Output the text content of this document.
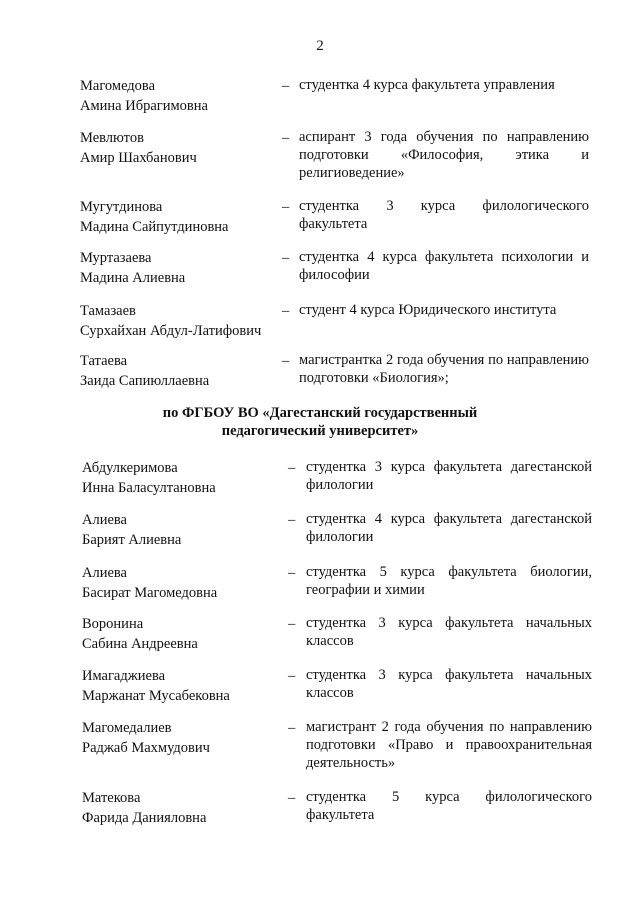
2
Магомедова
Амина Ибрагимовна
– студентка 4 курса факультета управления
Мевлютов
Амир Шахбанович
– аспирант 3 года обучения по направлению подготовки «Философия, этика и религиоведение»
Мугутдинова
Мадина Сайпутдиновна
– студентка 3 курса филологического факультета
Муртазаева
Мадина Алиевна
– студентка 4 курса факультета психологии и философии
Тамазаев
Сурхайхан Абдул-Латифович
– студент 4 курса Юридического института
Татаева
Заида Сапиюллаевна
– магистрантка 2 года обучения по направлению подготовки «Биология»;
по ФГБОУ ВО «Дагестанский государственный
педагогический университет»
Абдулкеримова
Инна Баласултановна
– студентка 3 курса факультета дагестанской филологии
Алиева
Барият Алиевна
– студентка 4 курса факультета дагестанской филологии
Алиева
Басират Магомедовна
– студентка 5 курса факультета биологии, географии и химии
Воронина
Сабина Андреевна
– студентка 3 курса факультета начальных классов
Имагаджиева
Маржанат Мусабековна
– студентка 3 курса факультета начальных классов
Магомедалиев
Раджаб Махмудович
– магистрант 2 года обучения по направлению подготовки «Право и правоохранительная деятельность»
Матекова
Фарида Данияловна
– студентка 5 курса филологического факультета
